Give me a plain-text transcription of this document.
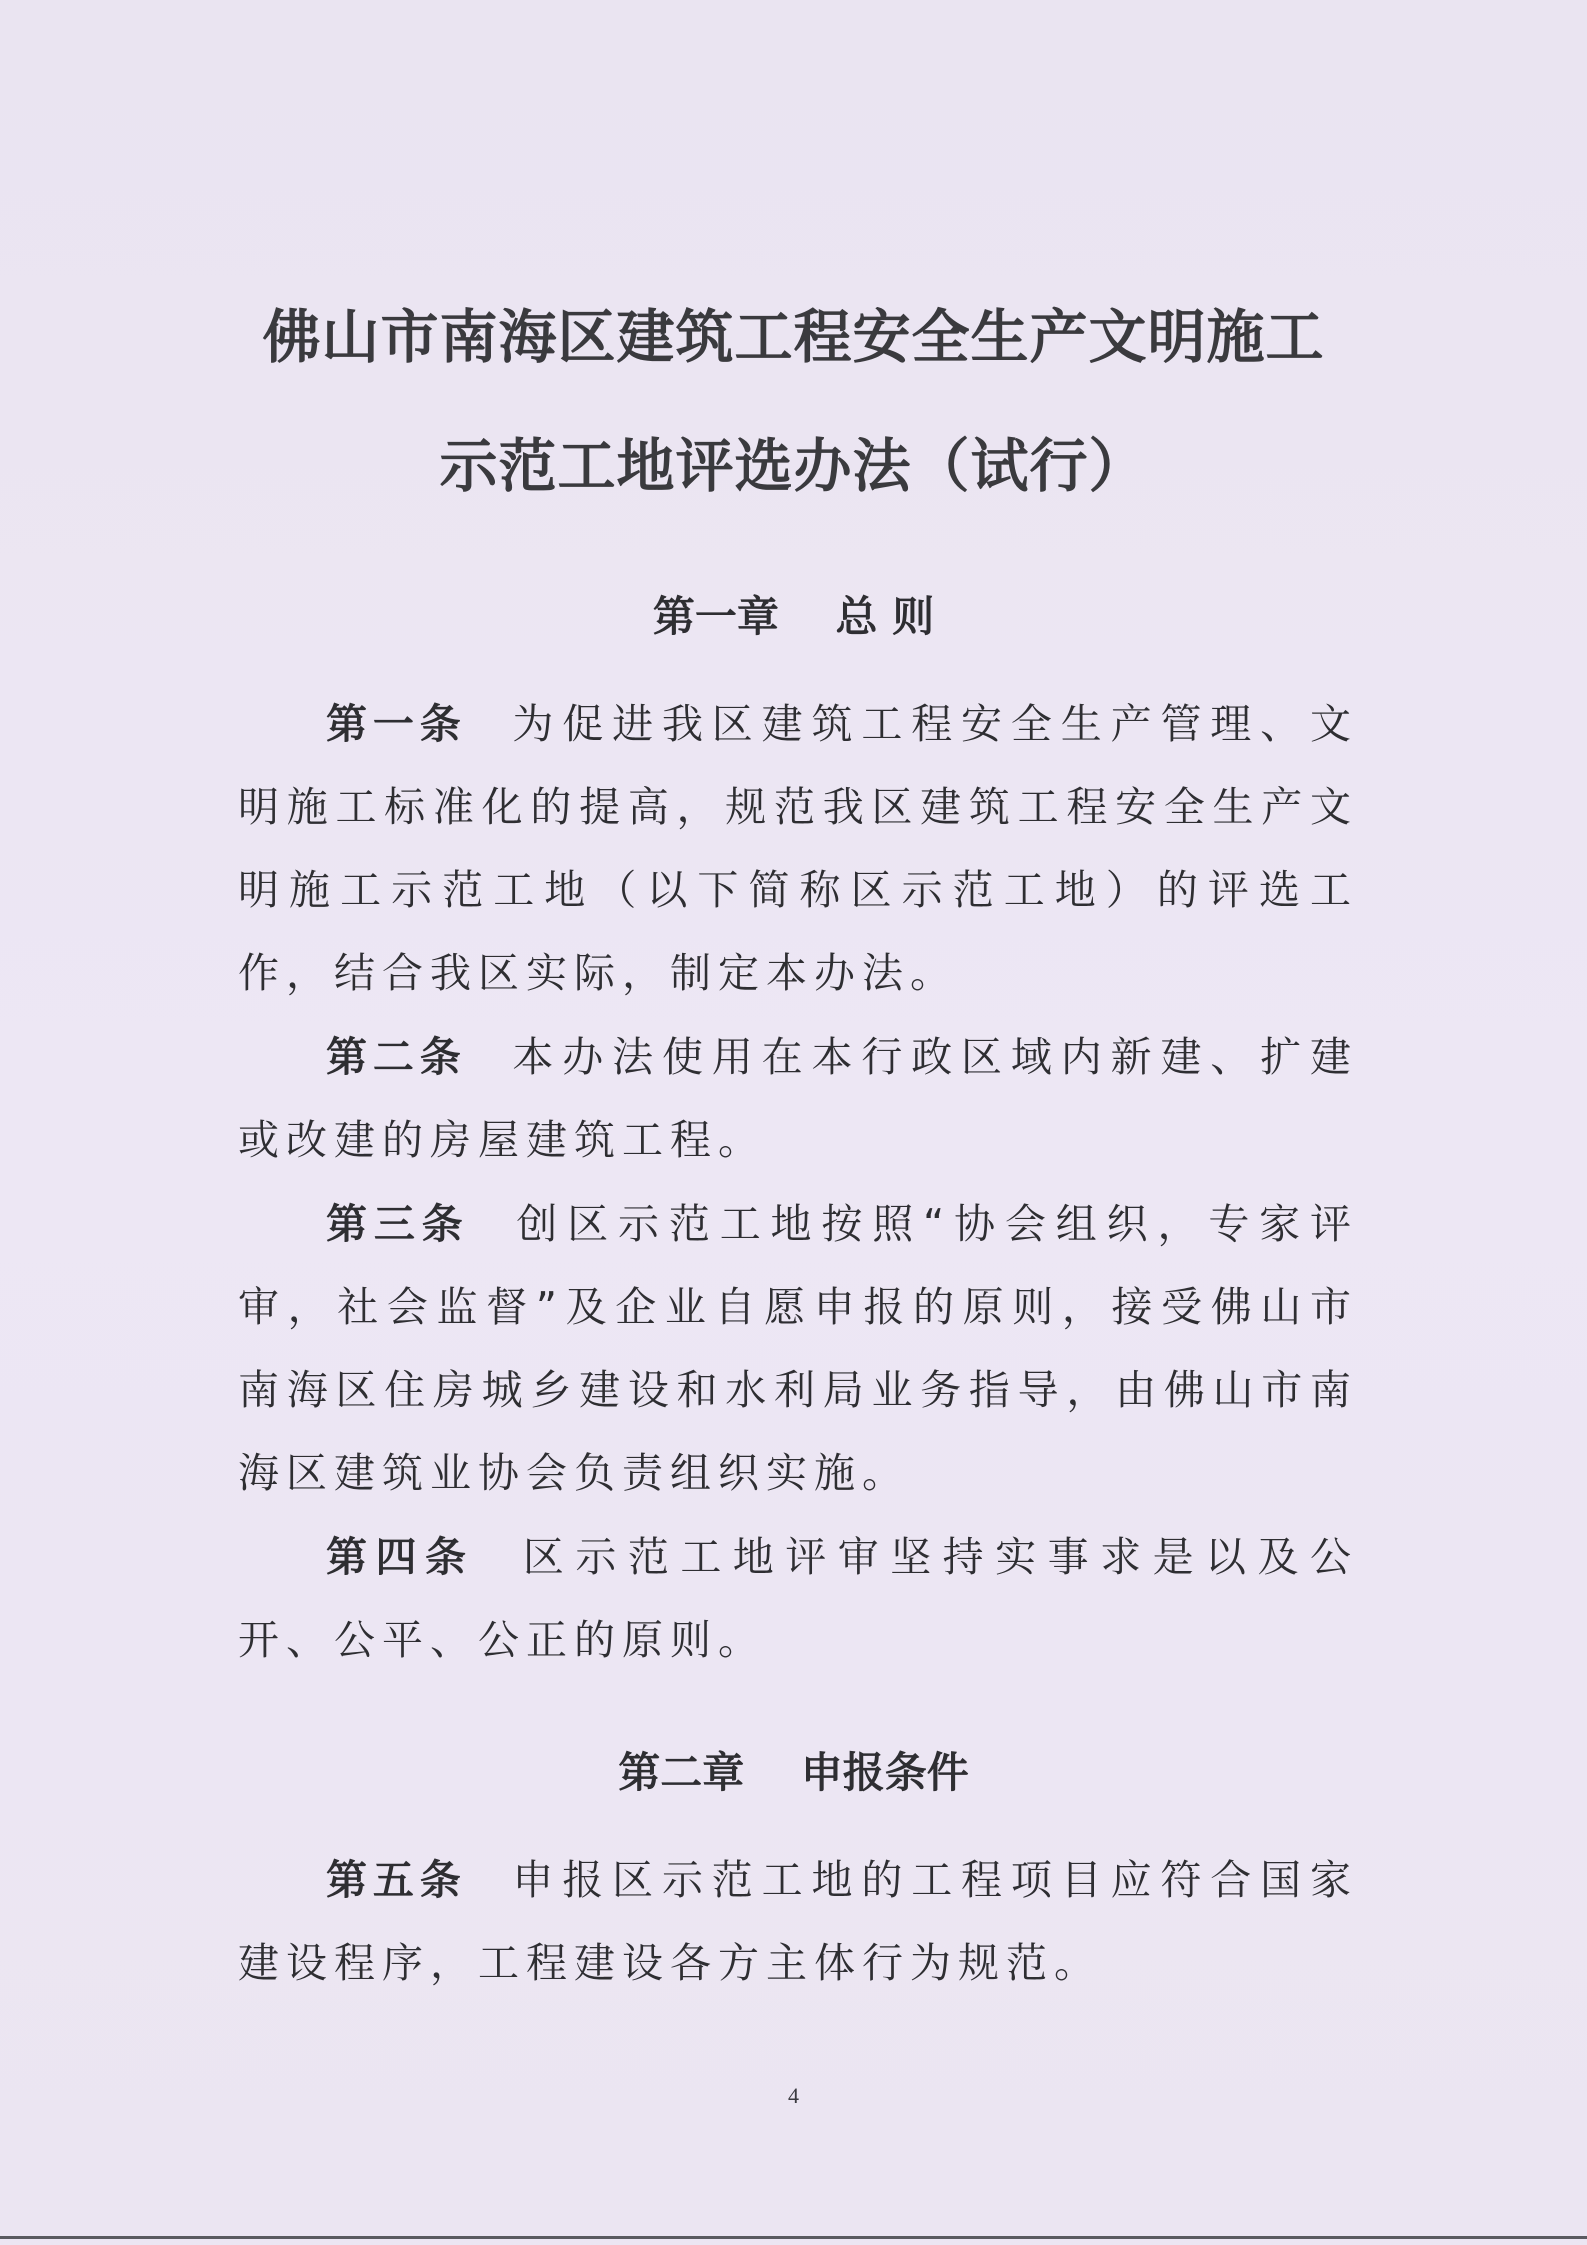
佛山市南海区建筑工程安全生产文明施工
示范工地评选办法（试行）
第一章　 总 则

第一条 为促进我区建筑工程安全生产管理、文明施工标准化的提高，规范我区建筑工程安全生产文明施工示范工地（以下简称区示范工地）的评选工作，结合我区实际，制定本办法。

第二条 本办法使用在本行政区域内新建、扩建或改建的房屋建筑工程。

第三条 创区示范工地按照“协会组织，专家评审，社会监督”及企业自愿申报的原则，接受佛山市南海区住房城乡建设和水利局业务指导，由佛山市南海区建筑业协会负责组织实施。

第四条 区示范工地评审坚持实事求是以及公开、公平、公正的原则。

第二章　 申报条件

第五条 申报区示范工地的工程项目应符合国家建设程序，工程建设各方主体行为规范。

4
